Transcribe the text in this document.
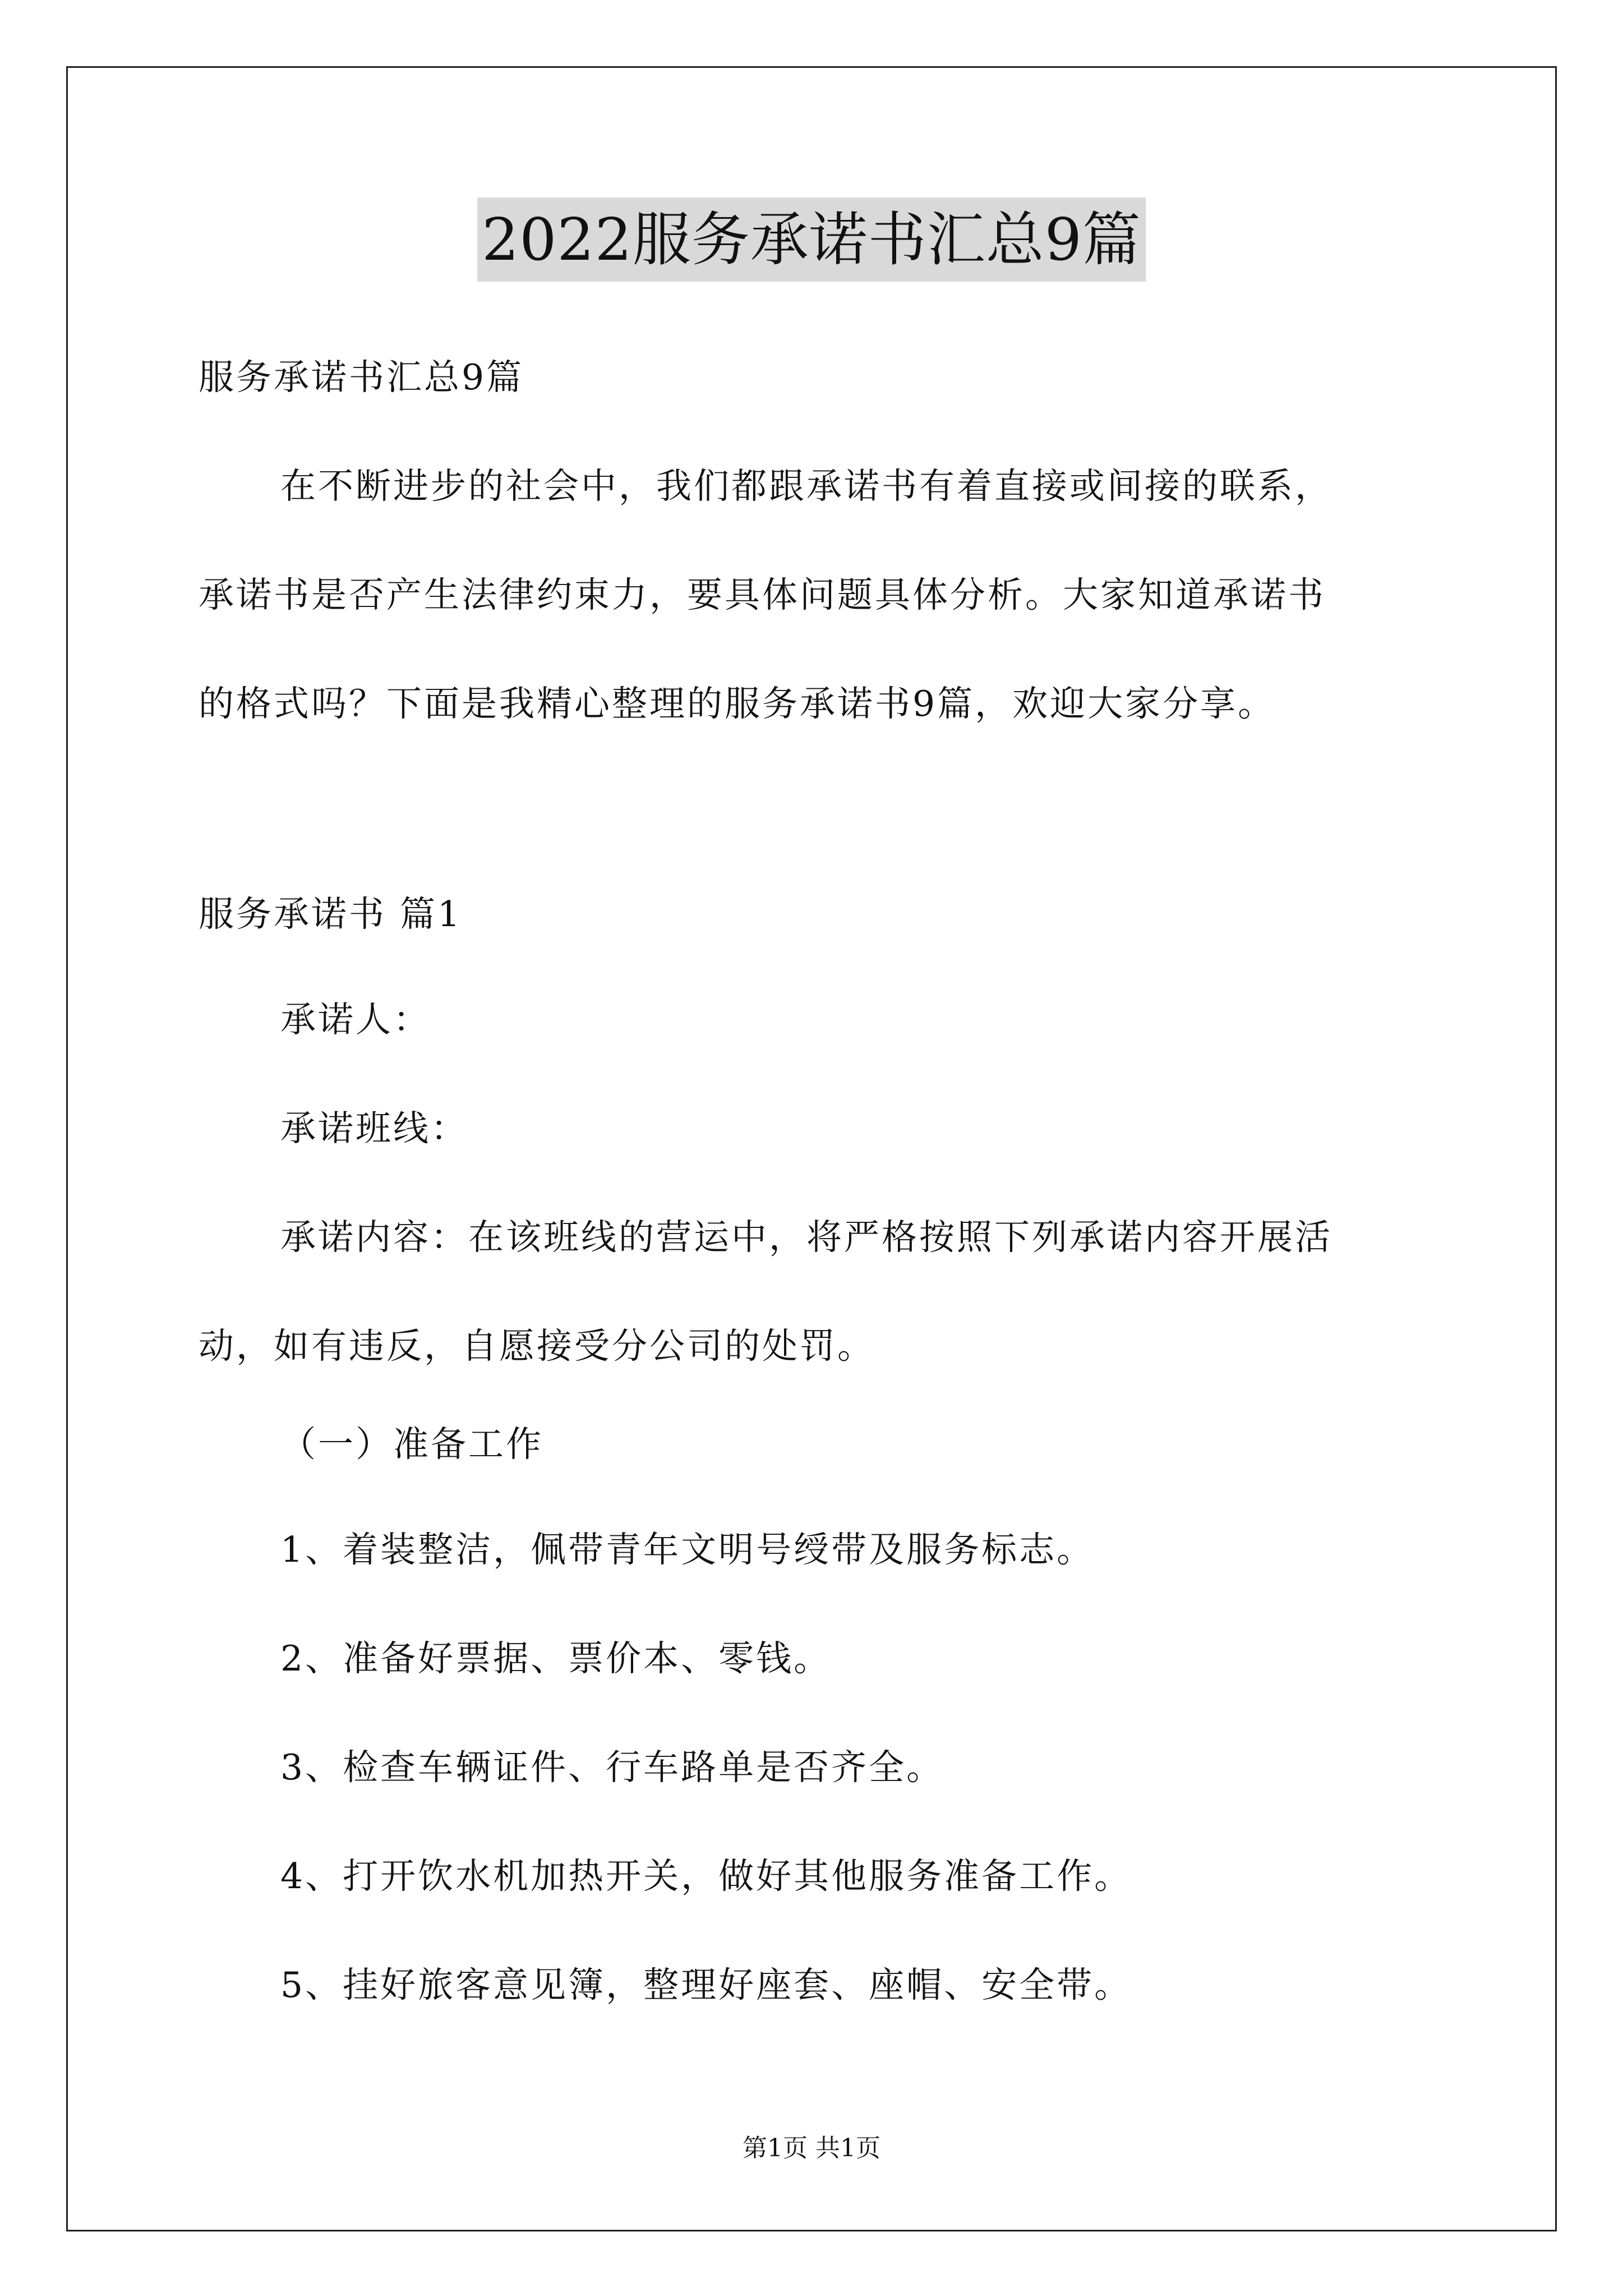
2022服务承诺书汇总9篇
服务承诺书汇总9篇
在不断进步的社会中，我们都跟承诺书有着直接或间接的联系，
承诺书是否产生法律约束力，要具体问题具体分析。大家知道承诺书
的格式吗？下面是我精心整理的服务承诺书9篇，欢迎大家分享。
服务承诺书 篇1
承诺人：
承诺班线：
承诺内容：在该班线的营运中，将严格按照下列承诺内容开展活
动，如有违反，自愿接受分公司的处罚。
（一）准备工作
1、着装整洁，佩带青年文明号绶带及服务标志。
2、准备好票据、票价本、零钱。
3、检查车辆证件、行车路单是否齐全。
4、打开饮水机加热开关，做好其他服务准备工作。
5、挂好旅客意见簿，整理好座套、座帽、安全带。
第1页 共1页
